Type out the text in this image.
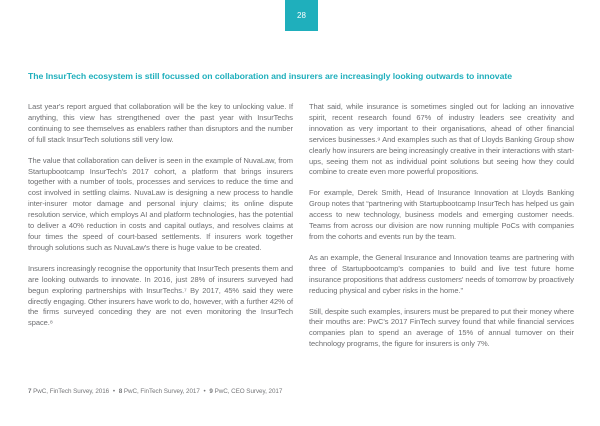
28
The InsurTech ecosystem is still focussed on collaboration and insurers are increasingly looking outwards to innovate

Last year's report argued that collaboration will be the key to unlocking value. If anything, this view has strengthened over the past year with InsurTechs continuing to see themselves as enablers rather than disruptors and the number of full stack InsurTech solutions still very low.

The value that collaboration can deliver is seen in the example of NuvaLaw, from Startupbootcamp InsurTech's 2017 cohort, a platform that brings insurers together with a number of tools, processes and services to reduce the time and cost involved in settling claims. NuvaLaw is designing a new process to handle inter-insurer motor damage and personal injury claims; its online dispute resolution service, which employs AI and platform technologies, has the potential to deliver a 40% reduction in costs and capital outlays, and resolves claims at four times the speed of court-based settlements. If insurers work together through solutions such as NuvaLaw's there is huge value to be created.

Insurers increasingly recognise the opportunity that InsurTech presents them and are looking outwards to innovate. In 2016, just 28% of insurers surveyed had begun exploring partnerships with InsurTechs.⁷ By 2017, 45% said they were directly engaging. Other insurers have work to do, however, with a further 42% of the firms surveyed conceding they are not even monitoring the InsurTech space.⁸

That said, while insurance is sometimes singled out for lacking an innovative spirit, recent research found 67% of industry leaders see creativity and innovation as very important to their organisations, ahead of other financial services businesses.⁹ And examples such as that of Lloyds Banking Group show clearly how insurers are being increasingly creative in their interactions with start-ups, seeing them not as individual point solutions but seeing how they could combine to create even more powerful propositions.

For example, Derek Smith, Head of Insurance Innovation at Lloyds Banking Group notes that “partnering with Startupbootcamp InsurTech has helped us gain access to new technology, business models and emerging customer needs. Teams from across our division are now running multiple PoCs with companies from the cohorts and events run by the team.

As an example, the General Insurance and Innovation teams are partnering with three of Startupbootcamp's companies to build and live test future home insurance propositions that address customers' needs of tomorrow by proactively reducing physical and cyber risks in the home.”

Still, despite such examples, insurers must be prepared to put their money where their mouths are: PwC's 2017 FinTech survey found that while financial services companies plan to spend an average of 15% of annual turnover on their technology programs, the figure for insurers is only 7%.

7 PwC, FinTech Survey, 2016 • 8 PwC, FinTech Survey, 2017 • 9 PwC, CEO Survey, 2017
